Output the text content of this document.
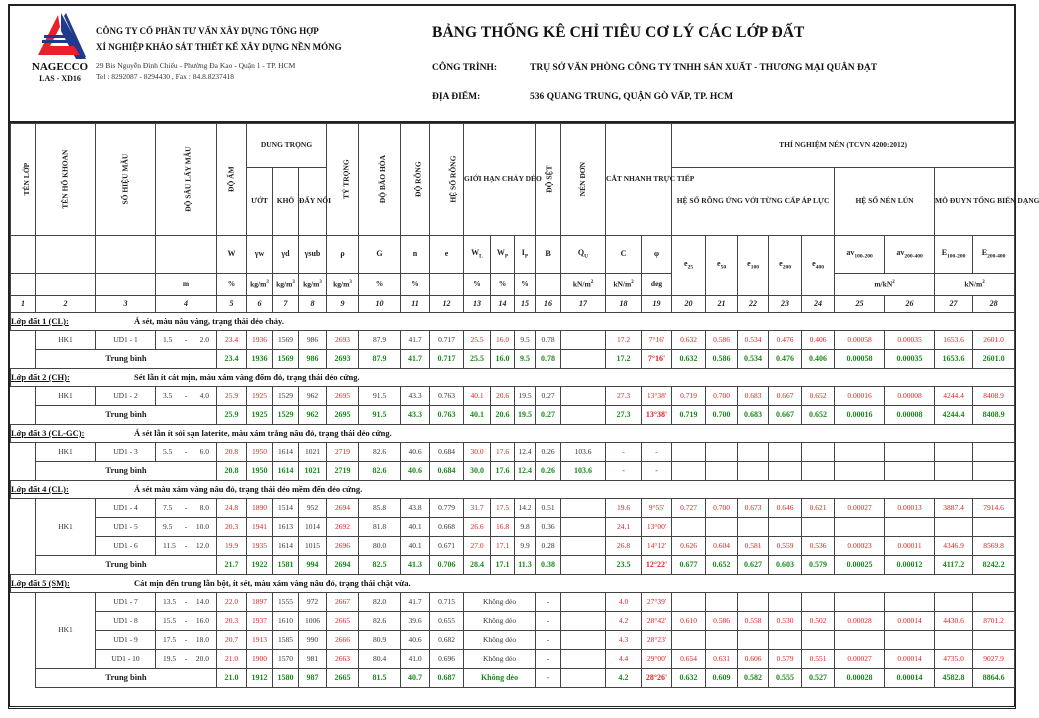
NAGECCO
LAS - XD16
CÔNG TY CỔ PHẦN TƯ VẤN XÂY DỰNG TỔNG HỢP
XÍ NGHIỆP KHẢO SÁT THIẾT KẾ XÂY DỰNG NỀN MÓNG
29 Bis Nguyễn Đình Chiểu - Phường Đa Kao - Quận 1 - TP. HCM
Tel : 8292087 - 8294430 , Fax : 84.8.8237418
BẢNG THỐNG KÊ CHỈ TIÊU CƠ LÝ CÁC LỚP ĐẤT
CÔNG TRÌNH:	TRỤ SỞ VĂN PHÒNG CÔNG TY TNHH SẢN XUẤT - THƯƠNG MẠI QUÂN ĐẠT
ĐỊA ĐIỂM:	536 QUANG TRUNG, QUẬN GÒ VẤP, TP. HCM
TÊN LỚP	TÊN HỐ KHOAN	SỐ HIỆU MẪU	ĐỘ SÂU LẤY MẪU	ĐỘ ẨM	DUNG TRỌNG			TỶ TRỌNG	ĐỘ BÃO HÒA	ĐỘ RỖNG	HỆ SỐ RỖNG	GIỚI HẠN CHẢY DẺO			ĐỘ SỆT	NÉN ĐƠN	CẮT NHANH TRỰC TIẾP		THÍ NGHIỆM NÉN (TCVN 4200:2012)								
					ƯỚT	KHÔ	ĐẨY NỔI												HỆ SỐ RỖNG ỨNG VỚI TỪNG CẤP ÁP LỰC					HỆ SỐ NÉN LÚN		MÔ ĐUYN TỔNG BIẾN DẠNG	
				W	γw	γd	γsub	ρ	G	n	e	$W_L$	$W_P$	$I_P$	B	$Q_U$	C	φ	$e_{25}$	$e_{50}$	$e_{100}$	$e_{200}$	$e_{400}$	$av_{100-200}$	$av_{200-400}$	$E_{100-200}$	$E_{200-400}$
			m	%	$kg/m^3$	$kg/m^3$	$kg/m^3$	$kg/m^3$	%	%		%	%	%		$kN/m^2$	$kN/m^2$	deg						$m/kN^2$		$kN/m^2$
1	2	3	4	5	6	7	8	9	10	11	12	13	14	15	16	17	18	19	20	21	22	23	24	25	26	27	28
Lớp đất 1 (CL): Á sét, màu nâu vàng, trạng thái dẻo chảy.																											
	HK1	UD1 - 1	1.5 - 2.0	23.4	1936	1569	986	2693	87.9	41.7	0.717	25.5	16.0	9.5	0.78		17.2	7°16'	0.632	0.586	0.534	0.476	0.406	0.00058	0.00035	1653.6	2601.0
	Trung bình			23.4	1936	1569	986	2693	87.9	41.7	0.717	25.5	16.0	9.5	0.78		17.2	7°16'	0.632	0.586	0.534	0.476	0.406	0.00058	0.00035	1653.6	2601.0
Lớp đất 2 (CH): Sét lẫn ít cát mịn, màu xám vàng đốm đỏ, trạng thái dẻo cứng.																											
	HK1	UD1 - 2	3.5 - 4.0	25.9	1925	1529	962	2695	91.5	43.3	0.763	40.1	20.6	19.5	0.27		27.3	13°38'	0.719	0.700	0.683	0.667	0.652	0.00016	0.00008	4244.4	8408.9
	Trung bình			25.9	1925	1529	962	2695	91.5	43.3	0.763	40.1	20.6	19.5	0.27		27.3	13°38'	0.719	0.700	0.683	0.667	0.652	0.00016	0.00008	4244.4	8408.9
Lớp đất 3 (CL-GC): Á sét lẫn ít sỏi sạn laterite, màu xám trắng nâu đỏ, trạng thái dẻo cứng.																											
	HK1	UD1 - 3	5.5 - 6.0	20.8	1950	1614	1021	2719	82.6	40.6	0.684	30.0	17.6	12.4	0.26	103.6	-	-									
	Trung bình			20.8	1950	1614	1021	2719	82.6	40.6	0.684	30.0	17.6	12.4	0.26	103.6	-	-									
Lớp đất 4 (CL): Á sét màu xám vàng nâu đỏ, trạng thái dẻo mềm đến dẻo cứng.																											
	HK1	UD1 - 4	7.5 - 8.0	24.8	1890	1514	952	2694	85.8	43.8	0.779	31.7	17.5	14.2	0.51		19.6	9°55'	0.727	0.700	0.673	0.646	0.621	0.00027	0.00013	3887.4	7914.6
		UD1 - 5	9.5 - 10.0	20.3	1941	1613	1014	2692	81.8	40.1	0.668	26.6	16.8	9.8	0.36		24.1	13°00'									
		UD1 - 6	11.5 - 12.0	19.9	1935	1614	1015	2696	80.0	40.1	0.671	27.0	17.1	9.9	0.28		26.8	14°12'	0.626	0.604	0.581	0.559	0.536	0.00023	0.00011	4346.9	8569.8
	Trung bình			21.7	1922	1581	994	2694	82.5	41.3	0.706	28.4	17.1	11.3	0.38		23.5	12°22'	0.677	0.652	0.627	0.603	0.579	0.00025	0.00012	4117.2	8242.2
Lớp đất 5 (SM): Cát mịn đến trung lẫn bột, ít sét, màu xám vàng nâu đỏ, trạng thái chặt vừa.																											
	HK1	UD1 - 7	13.5 - 14.0	22.0	1897	1555	972	2667	82.0	41.7	0.715	Không dẻo			-		4.0	27°39'									
		UD1 - 8	15.5 - 16.0	20.3	1937	1610	1006	2665	82.6	39.6	0.655	Không dẻo			-		4.2	28°42'	0.610	0.586	0.558	0.530	0.502	0.00028	0.00014	4430.6	8701.2
		UD1 - 9	17.5 - 18.0	20.7	1913	1585	990	2666	80.9	40.6	0.682	Không dẻo			-		4.3	28°23'									
		UD1 - 10	19.5 - 20.0	21.0	1900	1570	981	2663	80.4	41.0	0.696	Không dẻo			-		4.4	29°00'	0.654	0.631	0.606	0.579	0.551	0.00027	0.00014	4735.0	9027.9
	Trung bình			21.0	1912	1580	987	2665	81.5	40.7	0.687	Không dẻo			-		4.2	28°26'	0.632	0.609	0.582	0.555	0.527	0.00028	0.00014	4582.8	8864.6
